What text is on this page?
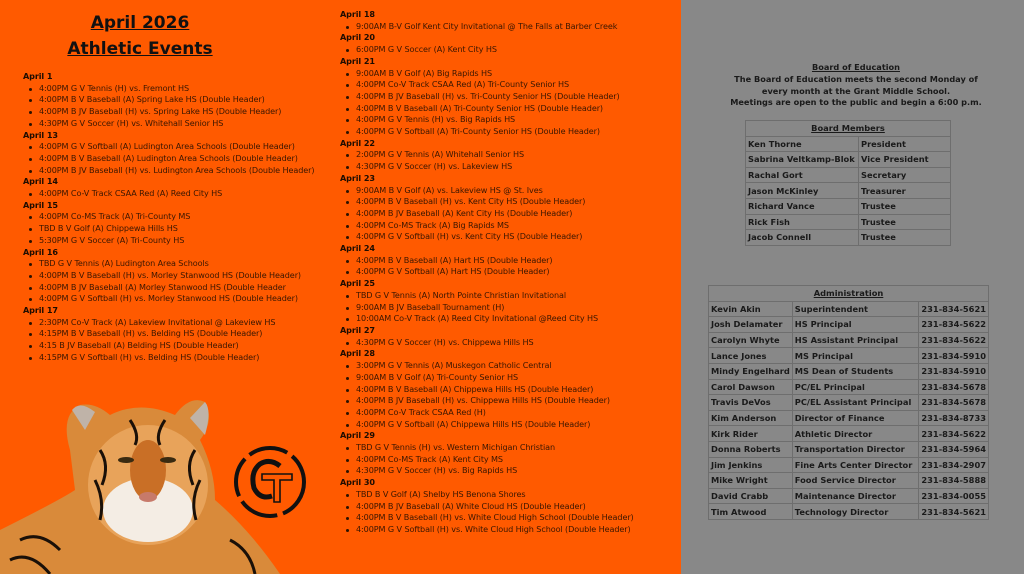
April 2026
Athletic Events
April 1
4:00PM G V Tennis (H) vs. Fremont HS
4:00PM B V Baseball (A) Spring Lake HS (Double Header)
4:00PM B JV Baseball (H) vs. Spring Lake HS (Double Header)
4:30PM G V Soccer (H) vs. Whitehall Senior HS
April 13
4:00PM G V Softball (A) Ludington Area Schools (Double Header)
4:00PM B V Baseball (A) Ludington Area Schools (Double Header)
4:00PM B JV Baseball (H) vs. Ludington Area Schools (Double Header)
April 14
4:00PM Co-V Track CSAA Red (A) Reed City HS
April 15
4:00PM Co-MS Track (A) Tri-County MS
TBD B V Golf (A) Chippewa Hills HS
5:30PM G V Soccer (A) Tri-County HS
April 16
TBD G V Tennis (A) Ludington Area Schools
4:00PM B V Baseball (H) vs. Morley Stanwood HS (Double Header)
4:00PM B JV Baseball (A) Morley Stanwood HS (Double Header
4:00PM G V Softball (H) vs. Morley Stanwood HS (Double Header)
April 17
2:30PM Co-V Track (A) Lakeview Invitational @ Lakeview HS
4:15PM B V Baseball (H) vs. Belding HS (Double Header)
4:15 B JV Baseball (A) Belding HS (Double Header)
4:15PM G V Softball (H) vs. Belding HS (Double Header)
April 18
9:00AM B-V Golf Kent City Invitational @ The Falls at Barber Creek
April 20
6:00PM G V Soccer (A) Kent City HS
April 21
9:00AM B V Golf (A) Big Rapids HS
4:00PM Co-V Track CSAA Red (A) Tri-County Senior HS
4:00PM B JV Baseball (H) vs. Tri-County Senior HS (Double Header)
4:00PM B V Baseball (A) Tri-County Senior HS (Double Header)
4:00PM G V Tennis (H) vs. Big Rapids HS
4:00PM G V Softball (A) Tri-County Senior HS (Double Header)
April 22
2:00PM G V Tennis (A) Whitehall Senior HS
4:30PM G V Soccer (H) vs. Lakeview HS
April 23
9:00AM B V Golf (A) vs. Lakeview HS @ St. Ives
4:00PM B V Baseball (H) vs. Kent City HS (Double Header)
4:00PM B JV Baseball (A) Kent City Hs (Double Header)
4:00PM Co-MS Track (A) Big Rapids MS
4:00PM G V Softball (H) vs. Kent City HS (Double Header)
April 24
4:00PM B V Baseball (A) Hart HS (Double Header)
4:00PM G V Softball (A) Hart HS (Double Header)
April 25
TBD G V Tennis (A) North Pointe Christian Invitational
9:00AM B JV Baseball Tournament (H)
10:00AM Co-V Track (A) Reed City Invitational @Reed City HS
April 27
4:30PM G V Soccer (H) vs. Chippewa Hills HS
April 28
3:00PM G V Tennis (A) Muskegon Catholic Central
9:00AM B V Golf (A) Tri-County Senior HS
4:00PM B V Baseball (A) Chippewa Hills HS (Double Header)
4:00PM B JV Baseball (H) vs. Chippewa Hills HS (Double Header)
4:00PM Co-V Track CSAA Red (H)
4:00PM G V Softball (A) Chippewa Hills HS (Double Header)
April 29
TBD G V Tennis (H) vs. Western Michigan Christian
4:00PM Co-MS Track (A) Kent City MS
4:30PM G V Soccer (H) vs. Big Rapids HS
April 30
TBD B V Golf (A) Shelby HS Benona Shores
4:00PM B JV Baseball (A) White Cloud HS (Double Header)
4:00PM B V Baseball (H) vs. White Cloud High School (Double Header)
4:00PM G V Softball (H) vs. White Cloud High School (Double Header)
Board of Education
The Board of Education meets the second Monday of
every month at the Grant Middle School.
Meetings are open to the public and begin a 6:00 p.m.
Board Members	
Ken Thorne	President
Sabrina Veltkamp-Blok	Vice President
Rachal Gort	Secretary
Jason McKinley	Treasurer
Richard Vance	Trustee
Rick Fish	Trustee
Jacob Connell	Trustee
Administration		
Kevin Akin	Superintendent	231-834-5621
Josh Delamater	HS Principal	231-834-5622
Carolyn Whyte	HS Assistant Principal	231-834-5622
Lance Jones	MS Principal	231-834-5910
Mindy Engelhard	MS Dean of Students	231-834-5910
Carol Dawson	PC/EL Principal	231-834-5678
Travis DeVos	PC/EL Assistant Principal	231-834-5678
Kim Anderson	Director of Finance	231-834-8733
Kirk Rider	Athletic Director	231-834-5622
Donna Roberts	Transportation Director	231-834-5964
Jim Jenkins	Fine Arts Center Director	231-834-2907
Mike Wright	Food Service Director	231-834-5888
David Crabb	Maintenance Director	231-834-0055
Tim Atwood	Technology Director	231-834-5621
